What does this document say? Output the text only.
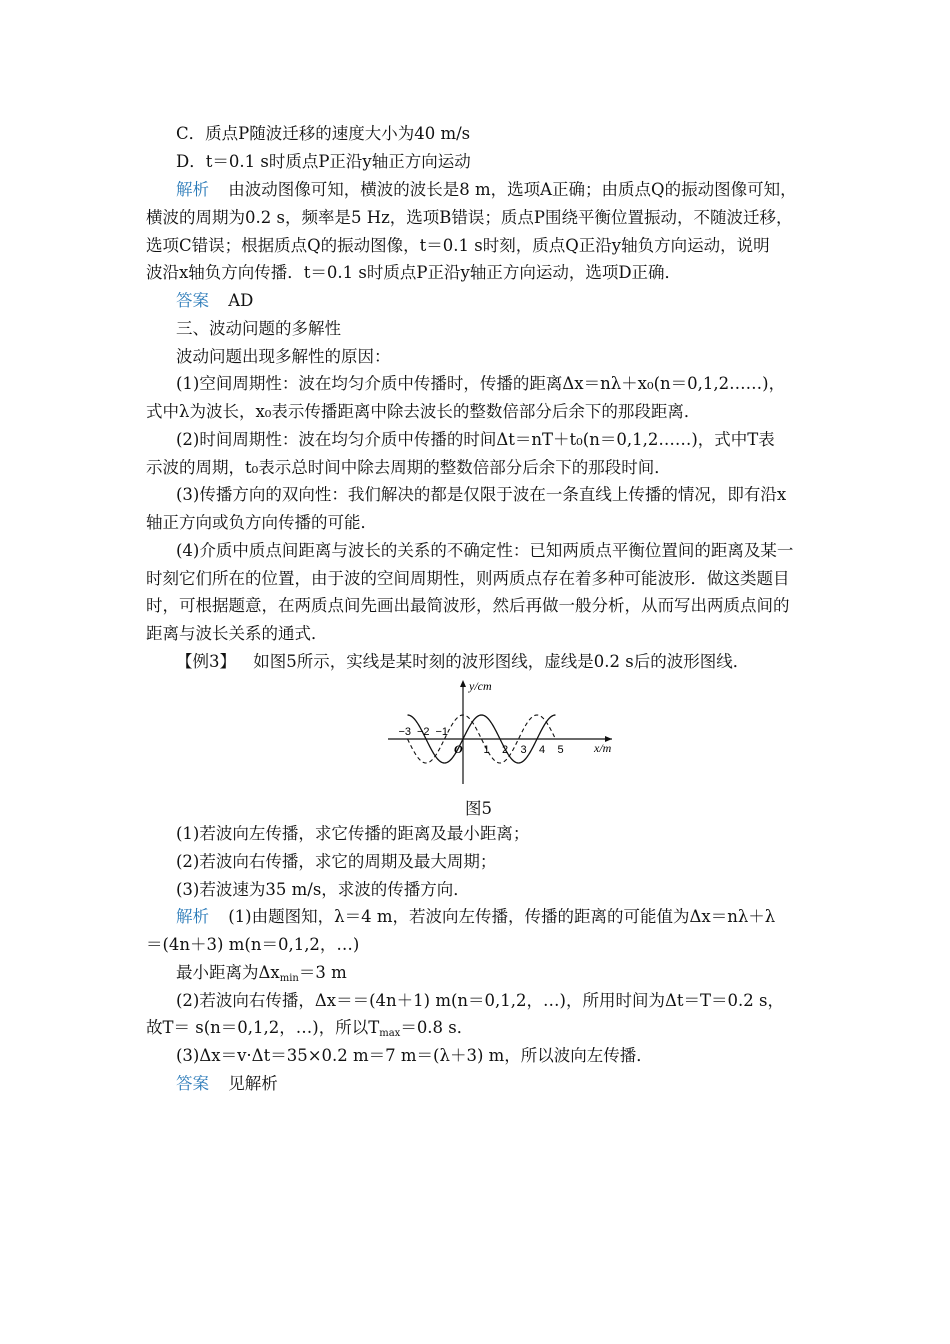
C．质点P随波迁移的速度大小为40 m/s
D．t＝0.1 s时质点P正沿y轴正方向运动
解析 由波动图像可知，横波的波长是8 m，选项A正确；由质点Q的振动图像可知，
横波的周期为0.2 s，频率是5 Hz，选项B错误；质点P围绕平衡位置振动，不随波迁移，
选项C错误；根据质点Q的振动图像，t＝0.1 s时刻，质点Q正沿y轴负方向运动，说明
波沿x轴负方向传播．t＝0.1 s时质点P正沿y轴正方向运动，选项D正确．
答案 AD
三、波动问题的多解性
波动问题出现多解性的原因：
(1)空间周期性：波在均匀介质中传播时，传播的距离Δx＝nλ＋x₀(n＝0,1,2……)，
式中λ为波长，x₀表示传播距离中除去波长的整数倍部分后余下的那段距离．
(2)时间周期性：波在均匀介质中传播的时间Δt＝nT＋t₀(n＝0,1,2……)，式中T表
示波的周期，t₀表示总时间中除去周期的整数倍部分后余下的那段时间．
(3)传播方向的双向性：我们解决的都是仅限于波在一条直线上传播的情况，即有沿x
轴正方向或负方向传播的可能．
(4)介质中质点间距离与波长的关系的不确定性：已知两质点平衡位置间的距离及某一
时刻它们所在的位置，由于波的空间周期性，则两质点存在着多种可能波形．做这类题目
时，可根据题意，在两质点间先画出最简波形，然后再做一般分析，从而写出两质点间的
距离与波长关系的通式．
【例3】 如图5所示，实线是某时刻的波形图线，虚线是0.2 s后的波形图线．
y/cm
x/m
O
−3 −2 −1
1 2 3 4 5
图5
(1)若波向左传播，求它传播的距离及最小距离；
(2)若波向右传播，求它的周期及最大周期；
(3)若波速为35 m/s，求波的传播方向．
解析 (1)由题图知，λ＝4 m，若波向左传播，传播的距离的可能值为Δx＝nλ＋λ
＝(4n＋3) m(n＝0,1,2，…)
最小距离为$\Delta x_{min}=3$ m
(2)若波向右传播，Δx＝＝(4n＋1) m(n＝0,1,2，…)，所用时间为Δt＝T＝0.2 s，
故T＝ s(n＝0,1,2，…)，所以$T_{max}=0.8$ s．
(3)Δx＝v·Δt＝35×0.2 m＝7 m＝(λ＋3) m，所以波向左传播．
答案 见解析
